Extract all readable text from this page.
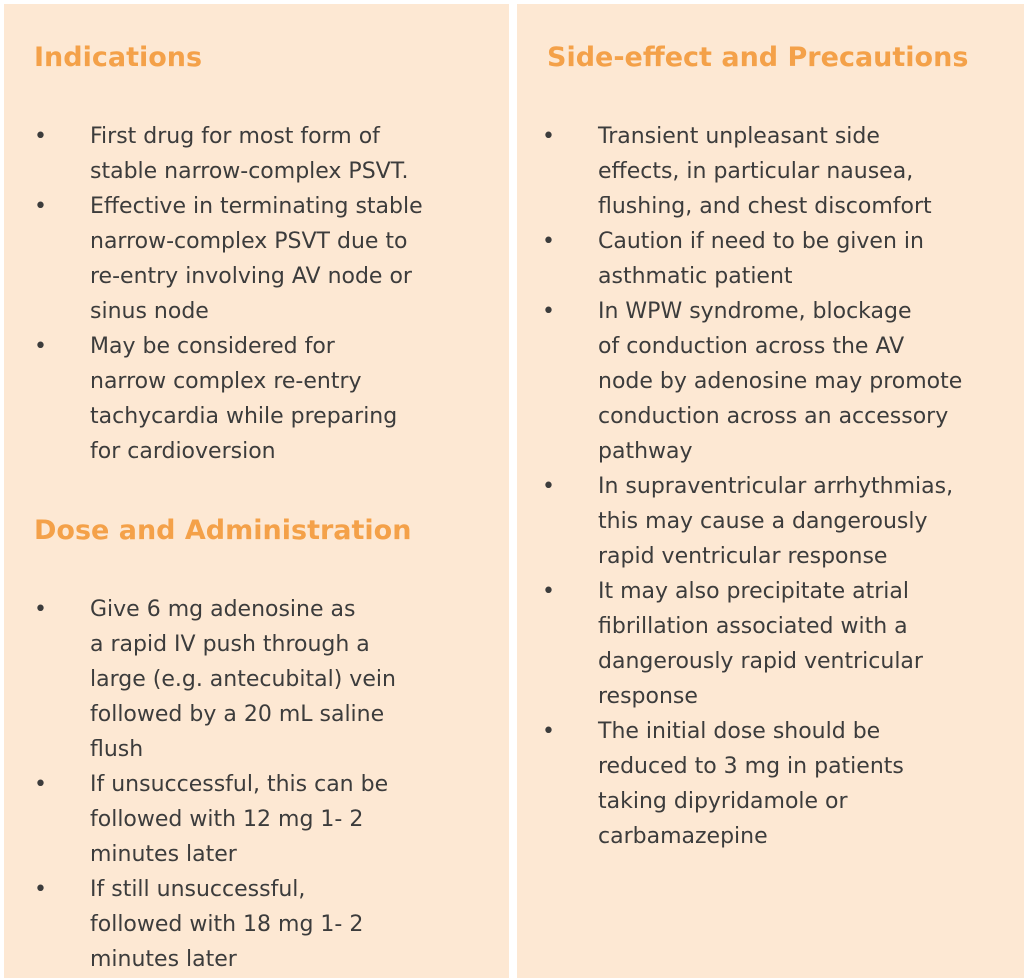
Indications
• First drug for most form of
stable narrow-complex PSVT.
• Effective in terminating stable
narrow-complex PSVT due to
re-entry involving AV node or
sinus node
• May be considered for
narrow complex re-entry
tachycardia while preparing
for cardioversion
Dose and Administration
• Give 6 mg adenosine as
a rapid IV push through a
large (e.g. antecubital) vein
followed by a 20 mL saline
flush
• If unsuccessful, this can be
followed with 12 mg 1- 2
minutes later
• If still unsuccessful,
followed with 18 mg 1- 2
minutes later
Side-effect and Precautions
• Transient unpleasant side
effects, in particular nausea,
flushing, and chest discomfort
• Caution if need to be given in
asthmatic patient
• In WPW syndrome, blockage
of conduction across the AV
node by adenosine may promote
conduction across an accessory
pathway
• In supraventricular arrhythmias,
this may cause a dangerously
rapid ventricular response
• It may also precipitate atrial
fibrillation associated with a
dangerously rapid ventricular
response
• The initial dose should be
reduced to 3 mg in patients
taking dipyridamole or
carbamazepine
